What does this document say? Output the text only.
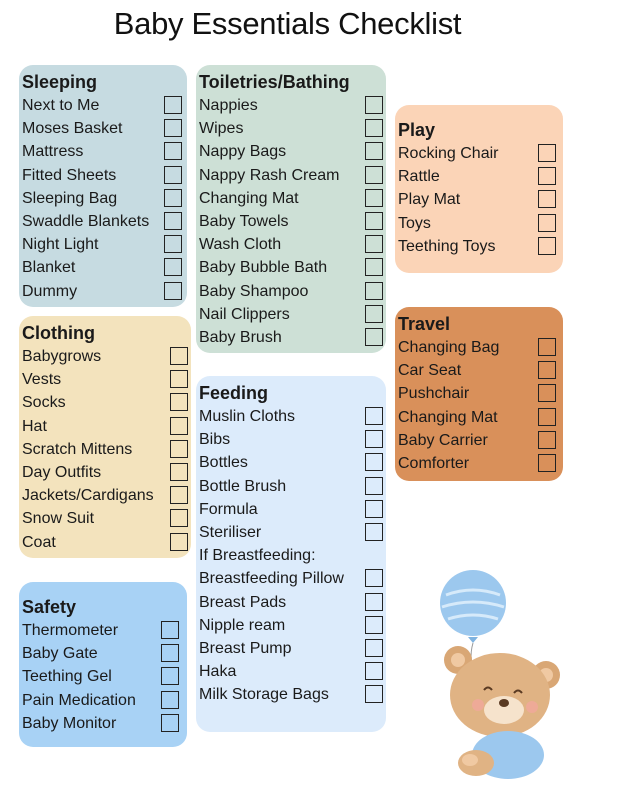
Baby Essentials Checklist
Sleeping
Next to Me
Moses Basket
Mattress
Fitted Sheets
Sleeping Bag
Swaddle Blankets
Night Light
Blanket
Dummy
Clothing
Babygrows
Vests
Socks
Hat
Scratch Mittens
Day Outfits
Jackets/Cardigans
Snow Suit
Coat
Safety
Thermometer
Baby Gate
Teething Gel
Pain Medication
Baby Monitor
Toiletries/Bathing
Nappies
Wipes
Nappy Bags
Nappy Rash Cream
Changing Mat
Baby Towels
Wash Cloth
Baby Bubble Bath
Baby Shampoo
Nail Clippers
Baby Brush
Feeding
Muslin Cloths
Bibs
Bottles
Bottle Brush
Formula
Steriliser
If Breastfeeding:
Breastfeeding Pillow
Breast Pads
Nipple ream
Breast Pump
Haka
Milk Storage Bags
Play
Rocking Chair
Rattle
Play Mat
Toys
Teething Toys
Travel
Changing Bag
Car Seat
Pushchair
Changing Mat
Baby Carrier
Comforter
